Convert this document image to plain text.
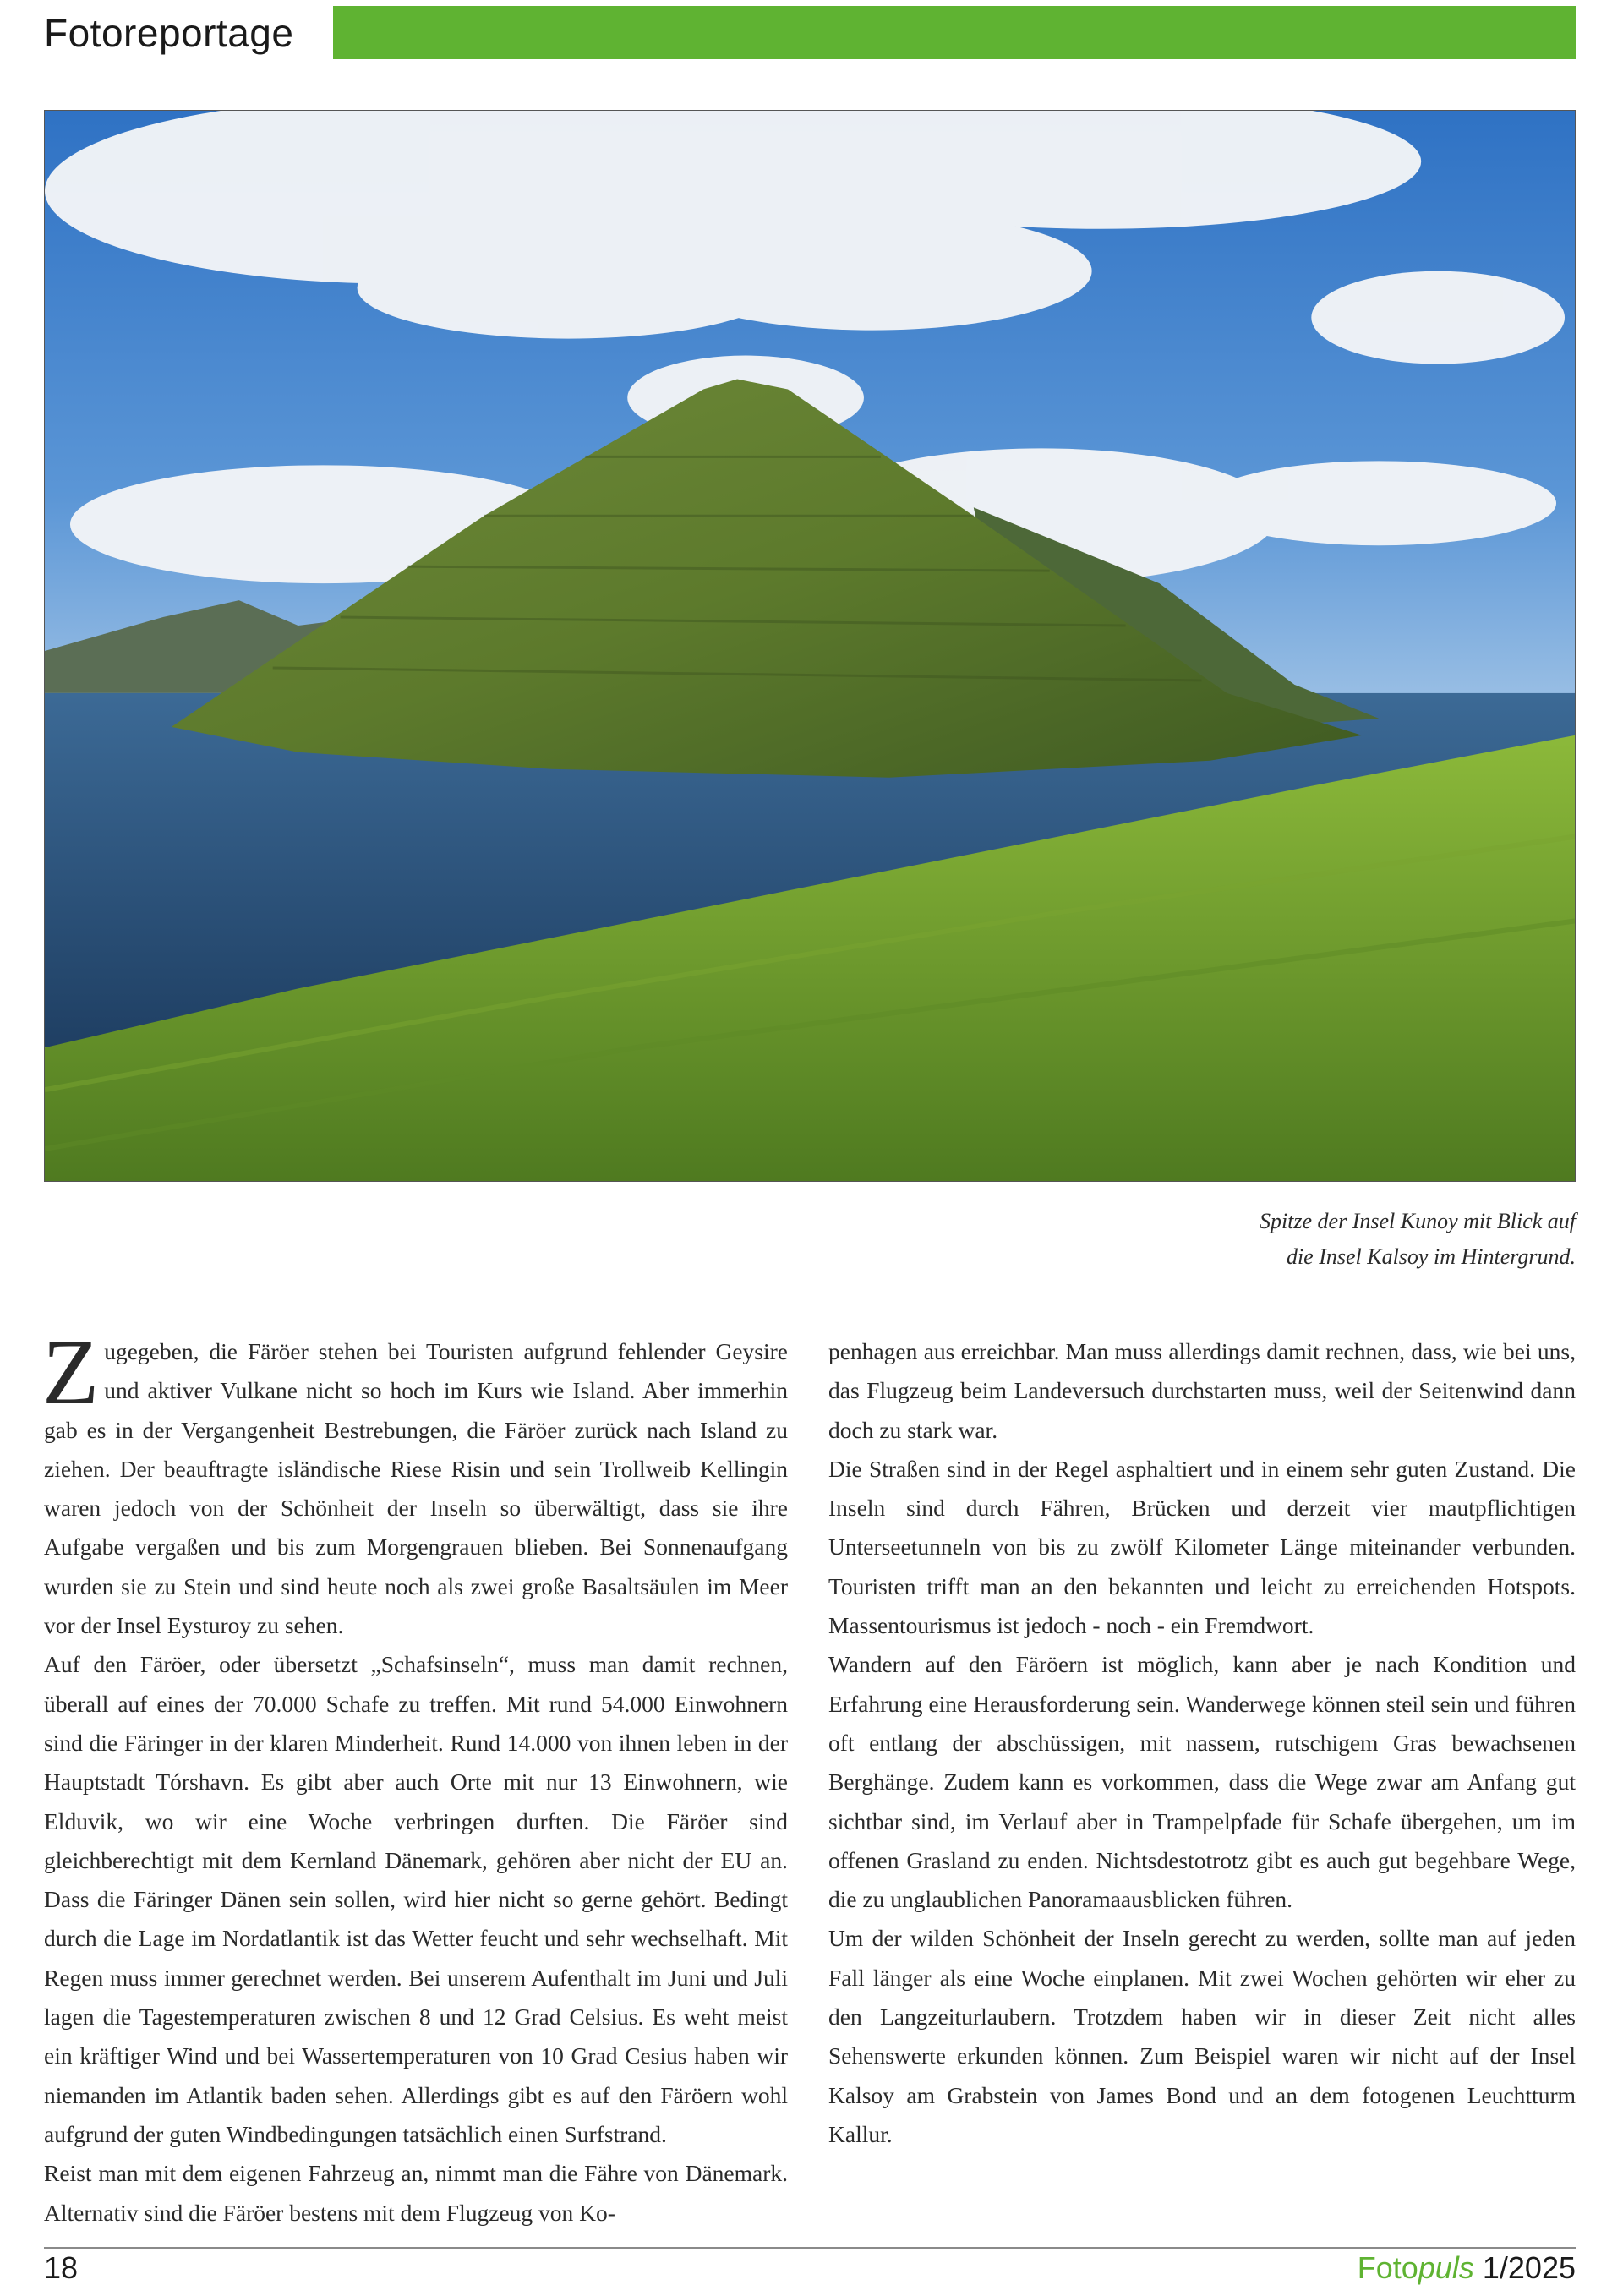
Fotoreportage
Spitze der Insel Kunoy mit Blick auf
die Insel Kalsoy im Hintergrund.

Zugegeben, die Färöer stehen bei Touristen aufgrund fehlender Geysire und aktiver Vulkane nicht so hoch im Kurs wie Island. Aber immerhin gab es in der Vergangenheit Bestrebungen, die Färöer zurück nach Island zu ziehen. Der beauftragte isländische Riese Risin und sein Trollweib Kellingin waren jedoch von der Schönheit der Inseln so überwältigt, dass sie ihre Aufgabe vergaßen und bis zum Morgengrauen blieben. Bei Sonnenaufgang wurden sie zu Stein und sind heute noch als zwei große Basaltsäulen im Meer vor der Insel Eysturoy zu sehen.

Auf den Färöer, oder übersetzt „Schafsinseln“, muss man damit rechnen, überall auf eines der 70.000 Schafe zu treffen. Mit rund 54.000 Einwohnern sind die Färinger in der klaren Minderheit. Rund 14.000 von ihnen leben in der Hauptstadt Tórshavn. Es gibt aber auch Orte mit nur 13 Einwohnern, wie Elduvik, wo wir eine Woche verbringen durften. Die Färöer sind gleichberechtigt mit dem Kernland Dänemark, gehören aber nicht der EU an. Dass die Färinger Dänen sein sollen, wird hier nicht so gerne gehört. Bedingt durch die Lage im Nordatlantik ist das Wetter feucht und sehr wechselhaft. Mit Regen muss immer gerechnet werden. Bei unserem Aufenthalt im Juni und Juli lagen die Tagestemperaturen zwischen 8 und 12 Grad Celsius. Es weht meist ein kräftiger Wind und bei Wassertemperaturen von 10 Grad Cesius haben wir niemanden im Atlantik baden sehen. Allerdings gibt es auf den Färöern wohl aufgrund der guten Windbedingungen tatsächlich einen Surfstrand.

Reist man mit dem eigenen Fahrzeug an, nimmt man die Fähre von Dänemark. Alternativ sind die Färöer bestens mit dem Flugzeug von Ko-

penhagen aus erreichbar. Man muss allerdings damit rechnen, dass, wie bei uns, das Flugzeug beim Landeversuch durchstarten muss, weil der Seitenwind dann doch zu stark war.

Die Straßen sind in der Regel asphaltiert und in einem sehr guten Zustand. Die Inseln sind durch Fähren, Brücken und derzeit vier mautpflichtigen Unterseetunneln von bis zu zwölf Kilometer Länge miteinander verbunden. Touristen trifft man an den bekannten und leicht zu erreichenden Hotspots. Massentourismus ist jedoch - noch - ein Fremdwort.

Wandern auf den Färöern ist möglich, kann aber je nach Kondition und Erfahrung eine Herausforderung sein. Wanderwege können steil sein und führen oft entlang der abschüssigen, mit nassem, rutschigem Gras bewachsenen Berghänge. Zudem kann es vorkommen, dass die Wege zwar am Anfang gut sichtbar sind, im Verlauf aber in Trampelpfade für Schafe übergehen, um im offenen Grasland zu enden. Nichtsdestotrotz gibt es auch gut begehbare Wege, die zu unglaublichen Panoramaausblicken führen.

Um der wilden Schönheit der Inseln gerecht zu werden, sollte man auf jeden Fall länger als eine Woche einplanen. Mit zwei Wochen gehörten wir eher zu den Langzeiturlaubern. Trotzdem haben wir in dieser Zeit nicht alles Sehenswerte erkunden können. Zum Beispiel waren wir nicht auf der Insel Kalsoy am Grabstein von James Bond und an dem fotogenen Leuchtturm Kallur.

18	Fotopuls 1/2025
